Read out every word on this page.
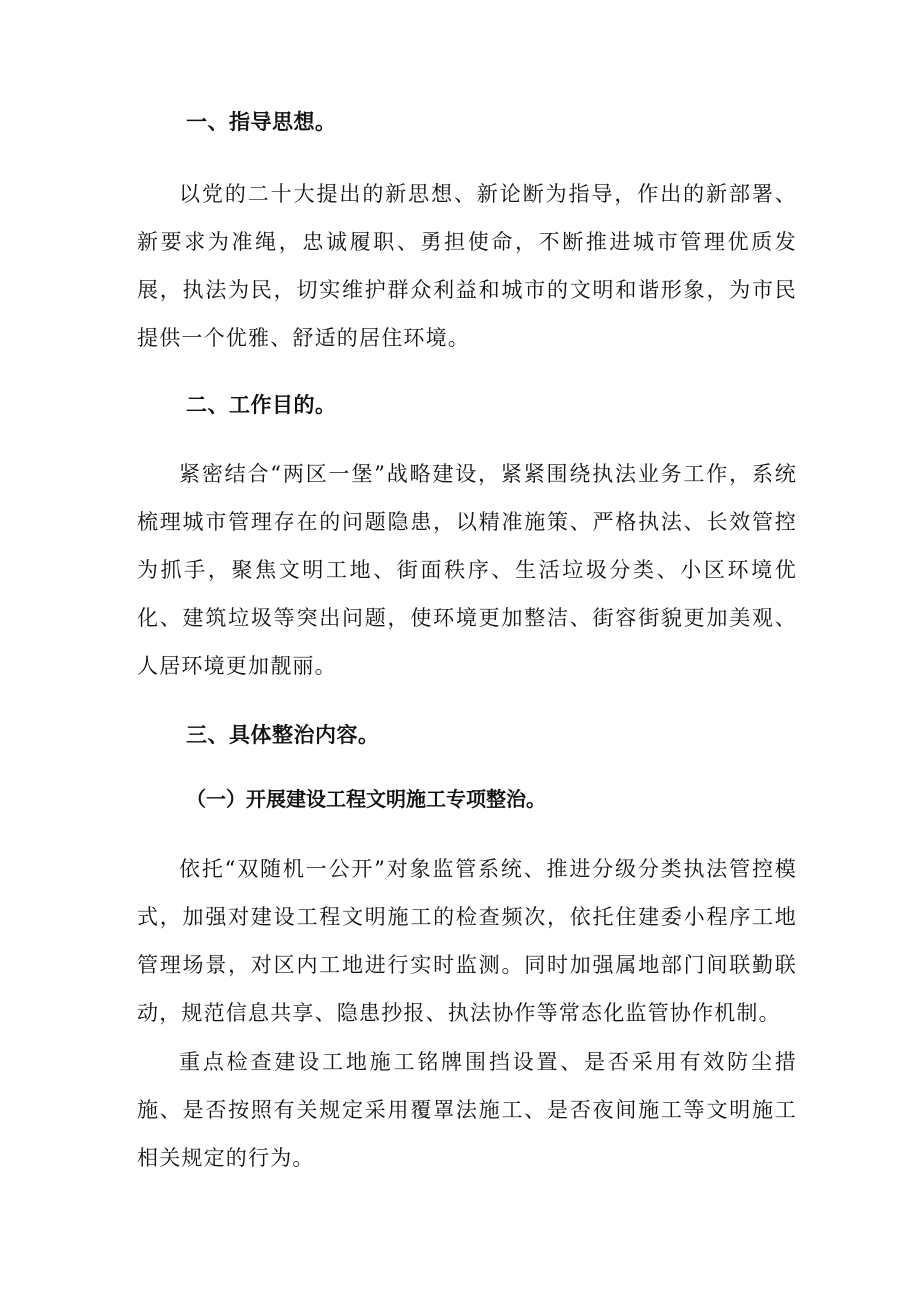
一、指导思想。

以党的二十大提出的新思想、新论断为指导，作出的新部署、新要求为准绳，忠诚履职、勇担使命，不断推进城市管理优质发展，执法为民，切实维护群众利益和城市的文明和谐形象，为市民提供一个优雅、舒适的居住环境。

二、工作目的。

紧密结合“两区一堡”战略建设，紧紧围绕执法业务工作，系统梳理城市管理存在的问题隐患，以精准施策、严格执法、长效管控为抓手，聚焦文明工地、街面秩序、生活垃圾分类、小区环境优化、建筑垃圾等突出问题，使环境更加整洁、街容街貌更加美观、人居环境更加靓丽。

三、具体整治内容。
（一）开展建设工程文明施工专项整治。

依托“双随机一公开”对象监管系统、推进分级分类执法管控模式，加强对建设工程文明施工的检查频次，依托住建委小程序工地管理场景，对区内工地进行实时监测。同时加强属地部门间联勤联动，规范信息共享、隐患抄报、执法协作等常态化监管协作机制。

重点检查建设工地施工铭牌围挡设置、是否采用有效防尘措施、是否按照有关规定采用覆罩法施工、是否夜间施工等文明施工相关规定的行为。
